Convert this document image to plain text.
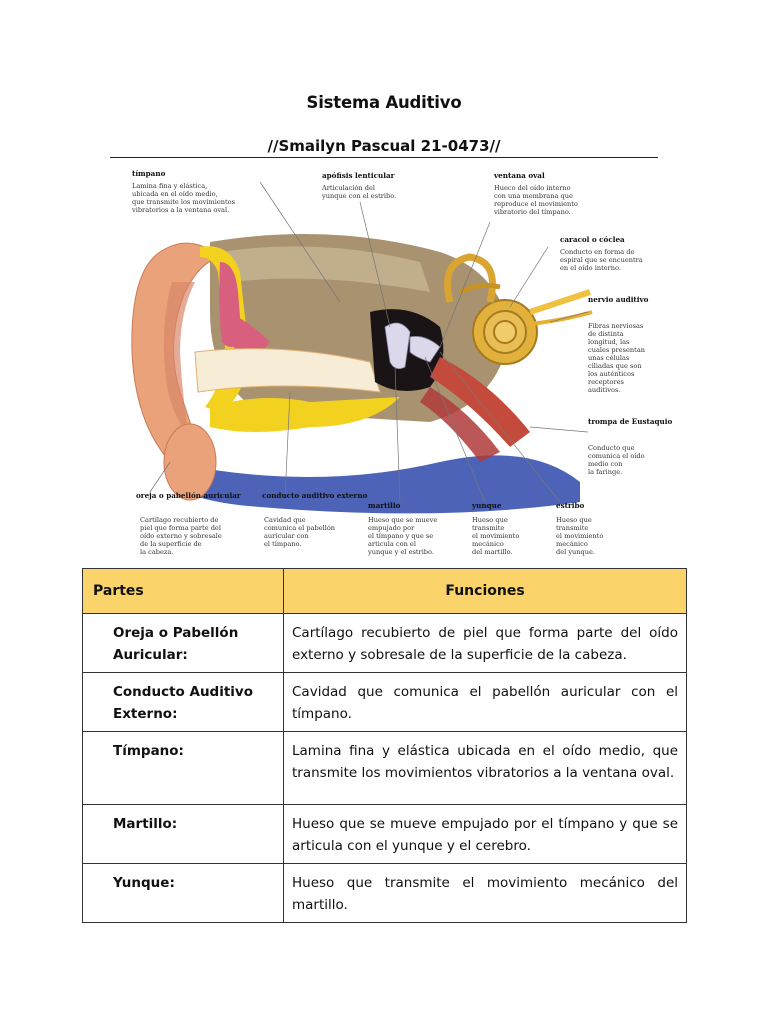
Sistema Auditivo
//Smailyn Pascual 21-0473//
tímpano
Lamina fina y elástica,
ubicada en el oído medio,
que transmite los movimientos
vibratorios a la ventana oval.
apófisis lenticular
Articulación del
yunque con el estribo.
ventana oval
Hueco del oído interno
con una membrana que
reproduce el movimiento
vibratorio del tímpano.
caracol o cóclea
Conducto en forma de
espiral que se encuentra
en el oído interno.
nervio auditivo
Fibras nerviosas
de distinta
longitud, las
cuales presentan
unas células
ciliadas que son
los auténticos
receptores
auditivos.
trompa de Eustaquio
Conducto que
comunica el oído
medio con
la faringe.
oreja o pabellón auricular
Cartílago recubierto de
piel que forma parte del
oído externo y sobresale
de la superficie de
la cabeza.
conducto auditivo externo
Cavidad que
comunica el pabellón
auricular con
el tímpano.
martillo
Hueso que se mueve
empujado por
el tímpano y que se
articula con el
yunque y el estribo.
yunque
Hueso que
transmite
el movimiento
mecánico
del martillo.
estribo
Hueso que
transmite
el movimiento
mecánico
del yunque.
Partes	Funciones
Oreja o Pabellón Auricular:	Cartílago recubierto de piel que forma parte del oído externo y sobresale de la superficie de la cabeza.
Conducto Auditivo Externo:	Cavidad que comunica el pabellón auricular con el tímpano.
Tímpano:	Lamina fina y elástica ubicada en el oído medio, que transmite los movimientos vibratorios a la ventana oval.
Martillo:	Hueso que se mueve empujado por el tímpano y que se articula con el yunque y el cerebro.
Yunque:	Hueso que transmite el movimiento mecánico del martillo.
